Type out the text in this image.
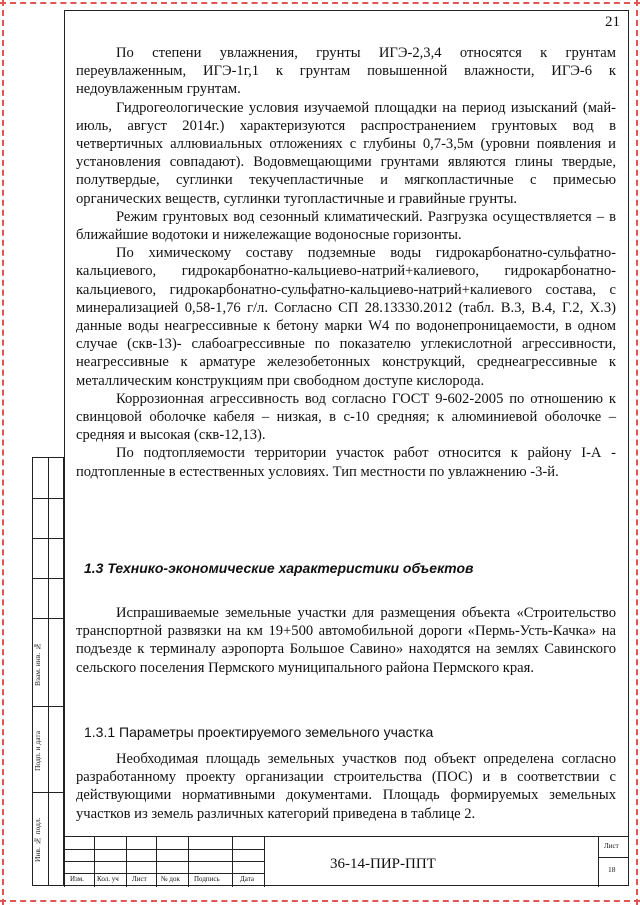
Взам. инв. №
Подп. и дата
Инв. № подл.
21

По степени увлажнения, грунты ИГЭ-2,3,4 относятся к грунтам переувлаженным, ИГЭ-1г,1 к грунтам повышенной влажности, ИГЭ-6 к недоувлаженным грунтам.

Гидрогеологические условия изучаемой площадки на период изысканий (май-июль, август 2014г.) характеризуются распространением грунтовых вод в четвертичных аллювиальных отложениях с глубины 0,7-3,5м (уровни появления и установления совпадают). Водовмещающими грунтами являются глины твердые, полутвердые, суглинки текучепластичные и мягкопластичные с примесью органических веществ, суглинки тугопластичные и гравийные грунты.

Режим грунтовых вод сезонный климатический. Разгрузка осуществляется – в ближайшие водотоки и нижележащие водоносные горизонты.

По химическому составу подземные воды гидрокарбонатно-сульфатно-кальциевого, гидрокарбонатно-кальциево-натрий+калиевого, гидрокарбонатно-кальциевого, гидрокарбонатно-сульфатно-кальциево-натрий+калиевого состава, с минерализацией 0,58-1,76 г/л. Согласно СП 28.13330.2012 (табл. В.3, В.4, Г.2, Х.3) данные воды неагрессивные к бетону марки W4 по водонепроницаемости, в одном случае (скв-13)- слабоагрессивные по показателю углекислотной агрессивности, неагрессивные к арматуре железобетонных конструкций, среднеагрессивные к металлическим конструкциям при свободном доступе кислорода.

Коррозионная агрессивность вод согласно ГОСТ 9-602-2005 по отношению к свинцовой оболочке кабеля – низкая, в с-10 средняя; к алюминиевой оболочке – средняя и высокая (скв-12,13).

По подтопляемости территории участок работ относится к району I-А - подтопленные в естественных условиях. Тип местности по увлажнению -3-й.

1.3 Технико-экономические характеристики объектов

Испрашиваемые земельные участки для размещения объекта «Строительство транспортной развязки на км 19+500 автомобильной дороги «Пермь-Усть-Качка» на подъезде к терминалу аэропорта Большое Савино» находятся на землях Савинского сельского поселения Пермского муниципального района Пермского края.

1.3.1 Параметры проектируемого земельного участка

Необходимая площадь земельных участков под объект определена согласно разработанному проекту организации строительства (ПОС) и в соответствии с действующими нормативными документами. Площадь формируемых земельных участков из земель различных категорий приведена в таблице 2.

Изм. Кол. уч Лист № док Подпись	Дата
36-14-ПИР-ППТ
Лист
18
